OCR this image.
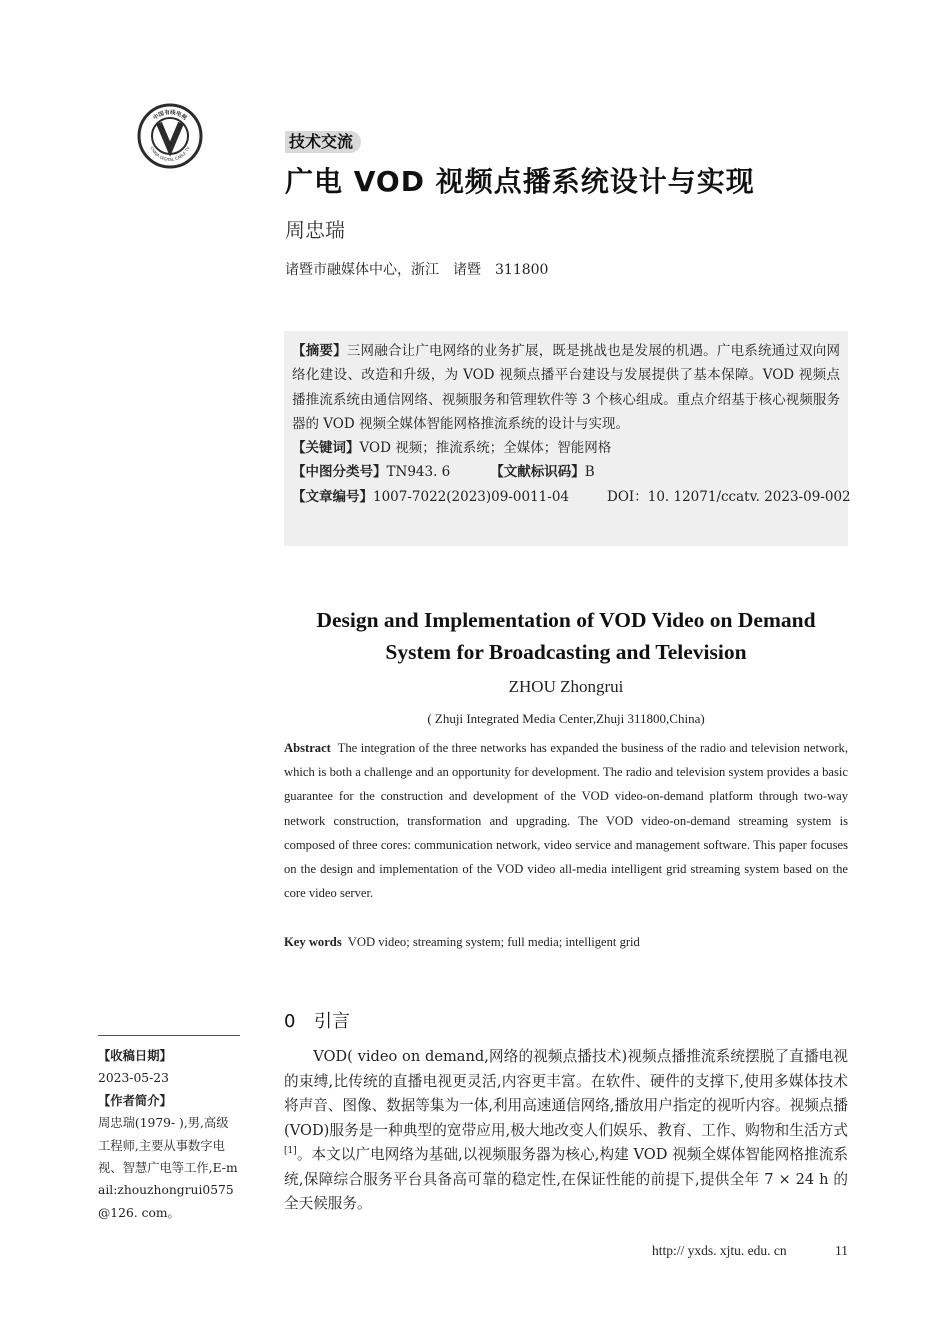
中国有线电视
CHINA DIGITAL CABLE TV	技术交流
广电 VOD 视频点播系统设计与实现
周忠瑞
诸暨市融媒体中心，浙江　诸暨　311800

【摘要】三网融合让广电网络的业务扩展，既是挑战也是发展的机遇。广电系统通过双向网络化建设、改造和升级，为 VOD 视频点播平台建设与发展提供了基本保障。VOD 视频点播推流系统由通信网络、视频服务和管理软件等 3 个核心组成。重点介绍基于核心视频服务器的 VOD 视频全媒体智能网格推流系统的设计与实现。

【关键词】VOD 视频；推流系统；全媒体；智能网格

【中图分类号】TN943. 6	【文献标识码】B

【文章编号】1007-7022(2023)09-0011-04	DOI：10. 12071/ccatv. 2023-09-002

Design and Implementation of VOD Video on Demand
System for Broadcasting and Television
ZHOU Zhongrui
( Zhuji Integrated Media Center,Zhuji 311800,China)
Abstract The integration of the three networks has expanded the business of the radio and television network, which is both a challenge and an opportunity for development. The radio and television system provides a basic guarantee for the construction and development of the VOD video-on-demand platform through two-way network construction, transformation and upgrading. The VOD video-on-demand streaming system is composed of three cores: communication network, video service and management software. This paper focuses on the design and implementation of the VOD video all-media intelligent grid streaming system based on the core video server.
Key words VOD video; streaming system; full media; intelligent grid
0 引言

VOD( video on demand,网络的视频点播技术)视频点播推流系统摆脱了直播电视的束缚,比传统的直播电视更灵活,内容更丰富。在软件、硬件的支撑下,使用多媒体技术将声音、图像、数据等集为一体,利用高速通信网络,播放用户指定的视听内容。视频点播(VOD)服务是一种典型的宽带应用,极大地改变人们娱乐、教育、工作、购物和生活方式[1]。本文以广电网络为基础,以视频服务器为核心,构建 VOD 视频全媒体智能网格推流系统,保障综合服务平台具备高可靠的稳定性,在保证性能的前提下,提供全年 7 × 24 h 的全天候服务。

【收稿日期】
2023-05-23
【作者简介】
周忠瑞(1979- ),男,高级工程师,主要从事数字电视、智慧广电等工作,E-mail:zhouzhongrui0575@126. com。
http:// yxds. xjtu. edu. cn	11
